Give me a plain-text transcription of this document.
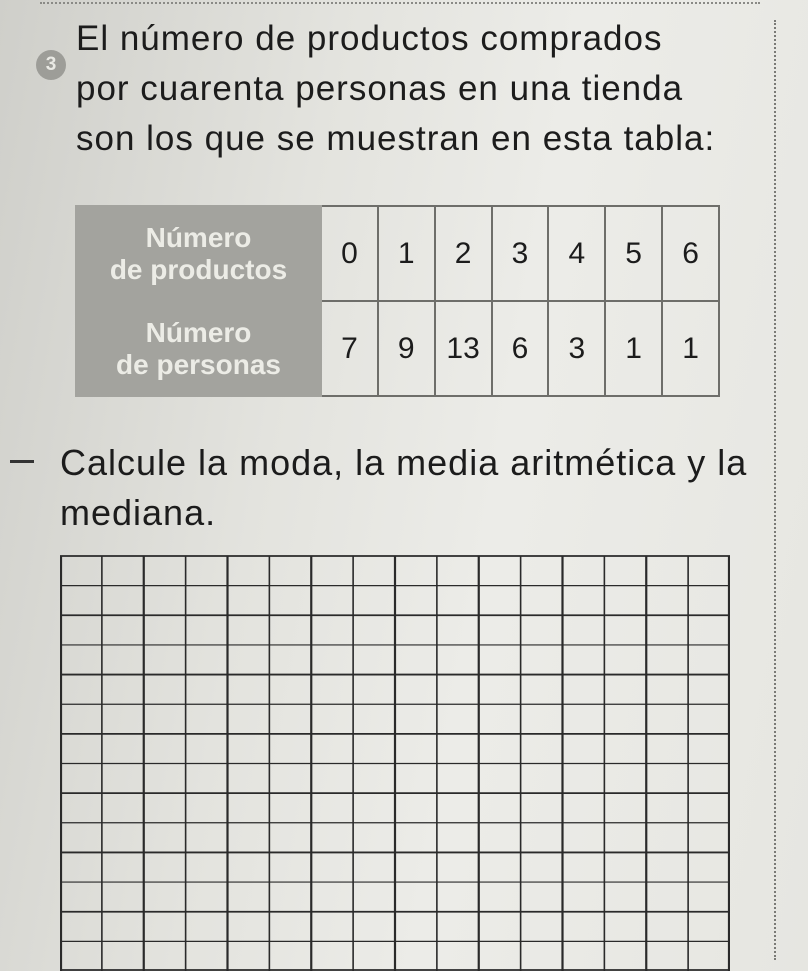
3

El número de productos comprados por cuarenta personas en una tienda son los que se muestran en esta tabla:

Número
de productos	0	1	2	3	4	5	6

Número
de personas	7	9	13	6	3	1	1

Calcule la moda, la media aritmética y la mediana.
